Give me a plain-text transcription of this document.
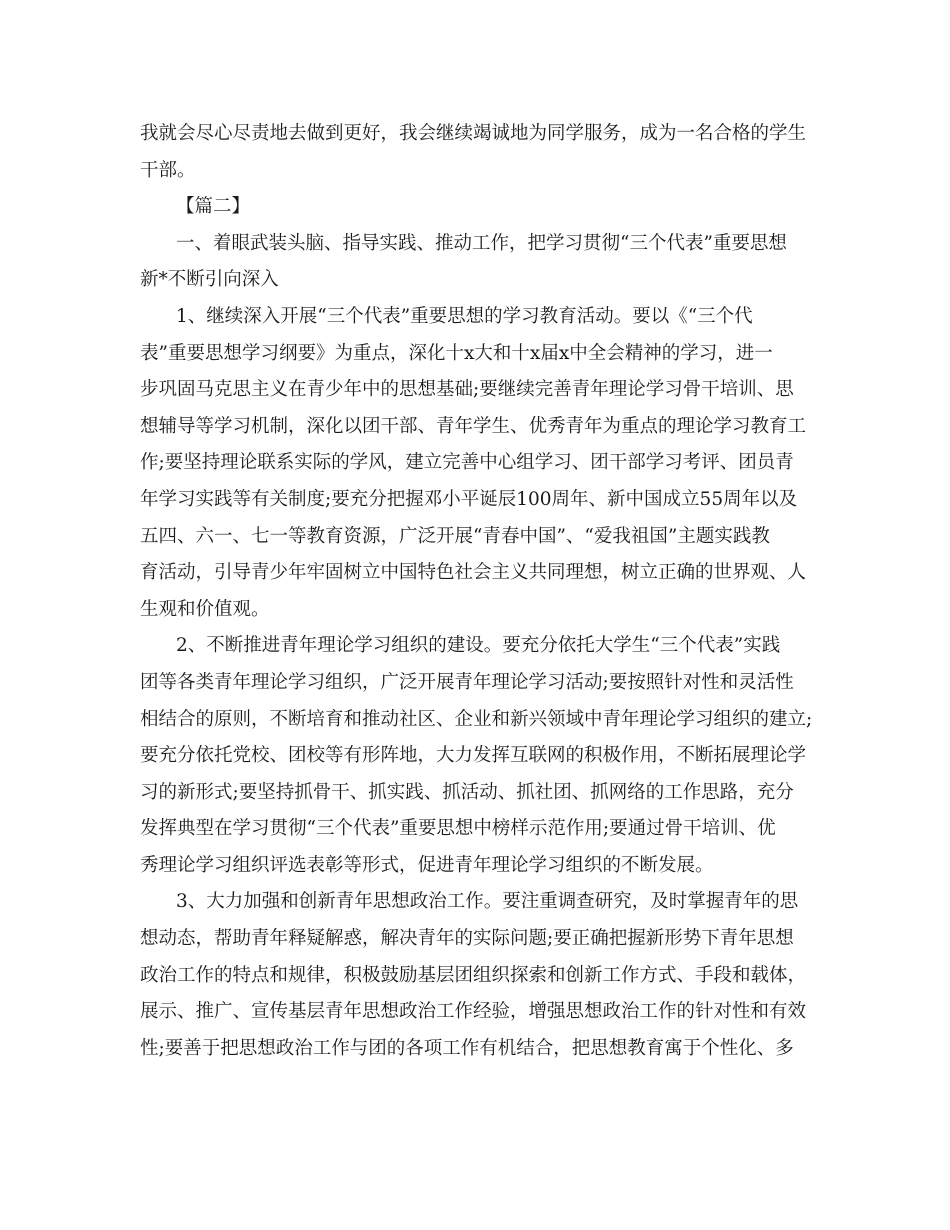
我就会尽心尽责地去做到更好，我会继续竭诚地为同学服务，成为一名合格的学生
干部。
【篇二】
一、着眼武装头脑、指导实践、推动工作，把学习贯彻“三个代表”重要思想
新*不断引向深入
1、继续深入开展“三个代表”重要思想的学习教育活动。要以《“三个代
表”重要思想学习纲要》为重点，深化十x大和十x届x中全会精神的学习，进一
步巩固马克思主义在青少年中的思想基础;要继续完善青年理论学习骨干培训、思
想辅导等学习机制，深化以团干部、青年学生、优秀青年为重点的理论学习教育工
作;要坚持理论联系实际的学风，建立完善中心组学习、团干部学习考评、团员青
年学习实践等有关制度;要充分把握邓小平诞辰100周年、新中国成立55周年以及
五四、六一、七一等教育资源，广泛开展“青春中国”、“爱我祖国”主题实践教
育活动，引导青少年牢固树立中国特色社会主义共同理想，树立正确的世界观、人
生观和价值观。
2、不断推进青年理论学习组织的建设。要充分依托大学生“三个代表”实践
团等各类青年理论学习组织，广泛开展青年理论学习活动;要按照针对性和灵活性
相结合的原则，不断培育和推动社区、企业和新兴领域中青年理论学习组织的建立;
要充分依托党校、团校等有形阵地，大力发挥互联网的积极作用，不断拓展理论学
习的新形式;要坚持抓骨干、抓实践、抓活动、抓社团、抓网络的工作思路，充分
发挥典型在学习贯彻“三个代表”重要思想中榜样示范作用;要通过骨干培训、优
秀理论学习组织评选表彰等形式，促进青年理论学习组织的不断发展。
3、大力加强和创新青年思想政治工作。要注重调查研究，及时掌握青年的思
想动态，帮助青年释疑解惑，解决青年的实际问题;要正确把握新形势下青年思想
政治工作的特点和规律，积极鼓励基层团组织探索和创新工作方式、手段和载体，
展示、推广、宣传基层青年思想政治工作经验，增强思想政治工作的针对性和有效
性;要善于把思想政治工作与团的各项工作有机结合，把思想教育寓于个性化、多
